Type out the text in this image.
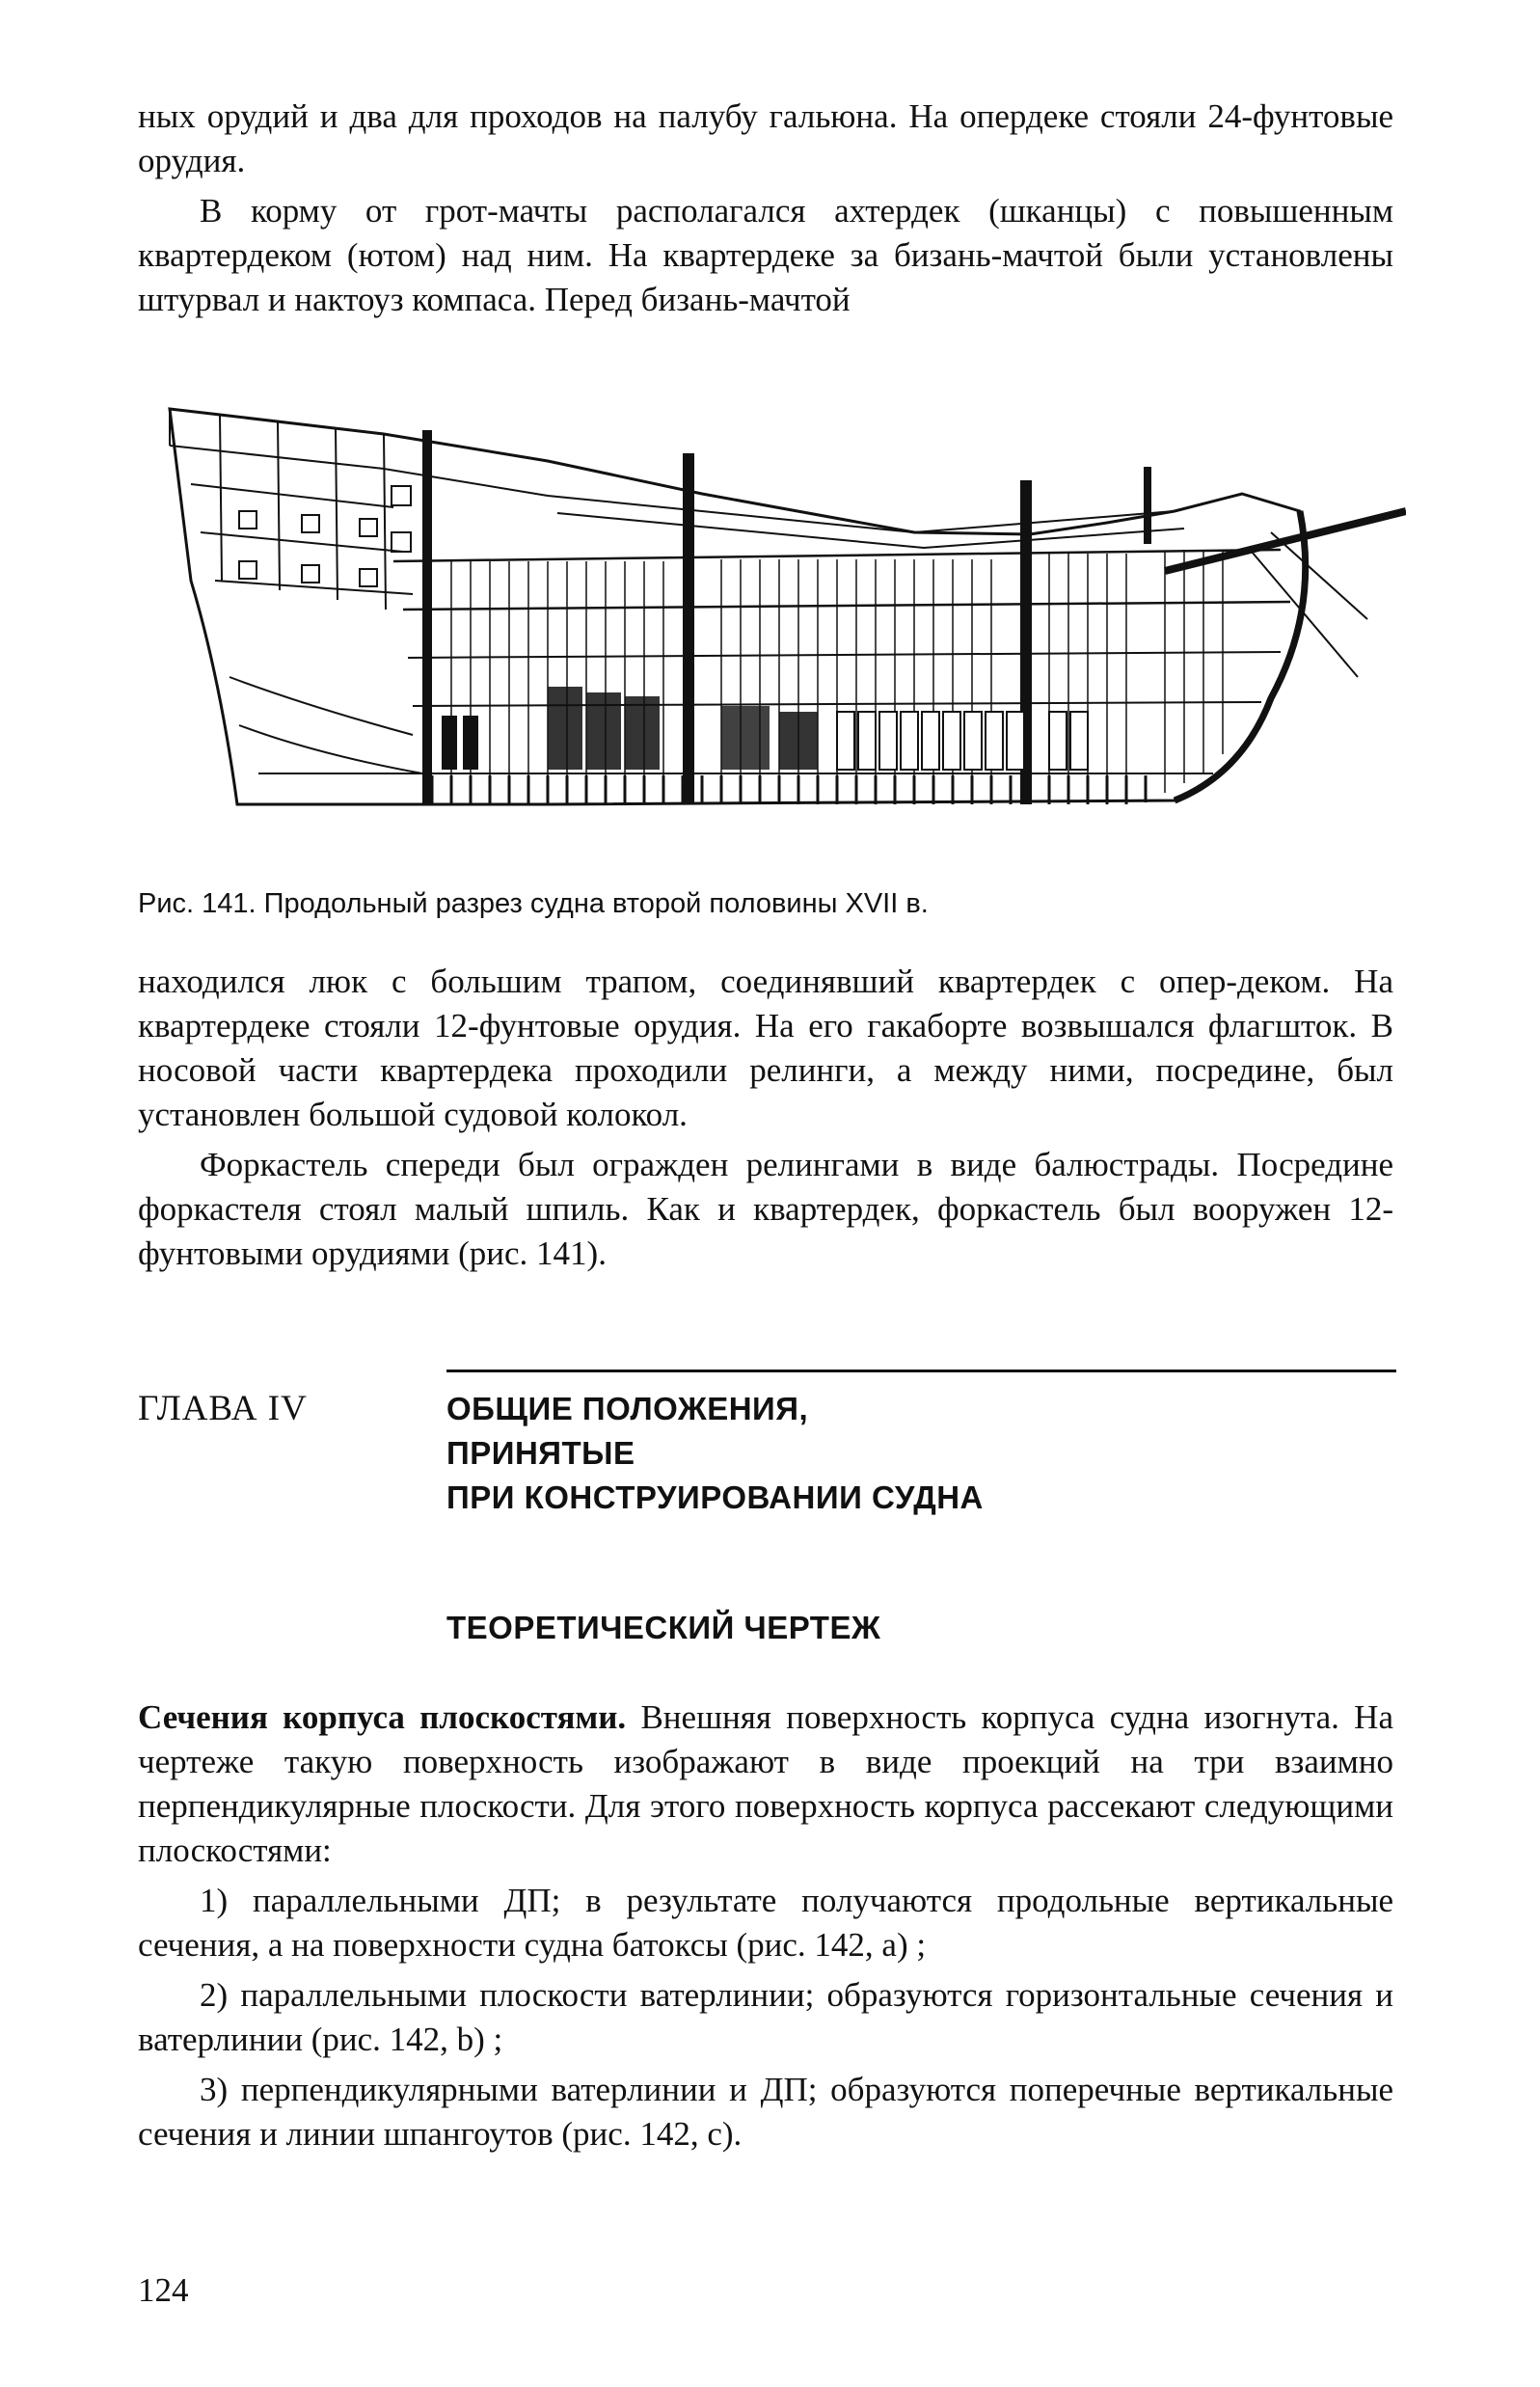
ных орудий и два для проходов на палубу гальюна. На опердеке стояли 24-фунтовые орудия.

В корму от грот-мачты располагался ахтердек (шканцы) с повышенным квартердеком (ютом) над ним. На квартердеке за бизань-мачтой были установлены штурвал и нактоуз компаса. Перед бизань-мачтой

Рис. 141. Продольный разрез судна второй половины XVII в.

находился люк с большим трапом, соединявший квартердек с опер-деком. На квартердеке стояли 12-фунтовые орудия. На его гакаборте возвышался флагшток. В носовой части квартердека проходили релинги, а между ними, посредине, был установлен большой судовой колокол.

Форкастель спереди был огражден релингами в виде балюстрады. Посредине форкастеля стоял малый шпиль. Как и квартердек, форкастель был вооружен 12-фунтовыми орудиями (рис. 141).

ГЛАВА IV	ОБЩИЕ ПОЛОЖЕНИЯ,
ПРИНЯТЫЕ
ПРИ КОНСТРУИРОВАНИИ СУДНА
ТЕОРЕТИЧЕСКИЙ ЧЕРТЕЖ

Сечения корпуса плоскостями. Внешняя поверхность корпуса судна изогнута. На чертеже такую поверхность изображают в виде проекций на три взаимно перпендикулярные плоскости. Для этого поверхность корпуса рассекают следующими плоскостями:

1) параллельными ДП; в результате получаются продольные вертикальные сечения, а на поверхности судна батоксы (рис. 142, а) ;

2) параллельными плоскости ватерлинии; образуются горизонтальные сечения и ватерлинии (рис. 142, b) ;

3) перпендикулярными ватерлинии и ДП; образуются поперечные вертикальные сечения и линии шпангоутов (рис. 142, с).

124
